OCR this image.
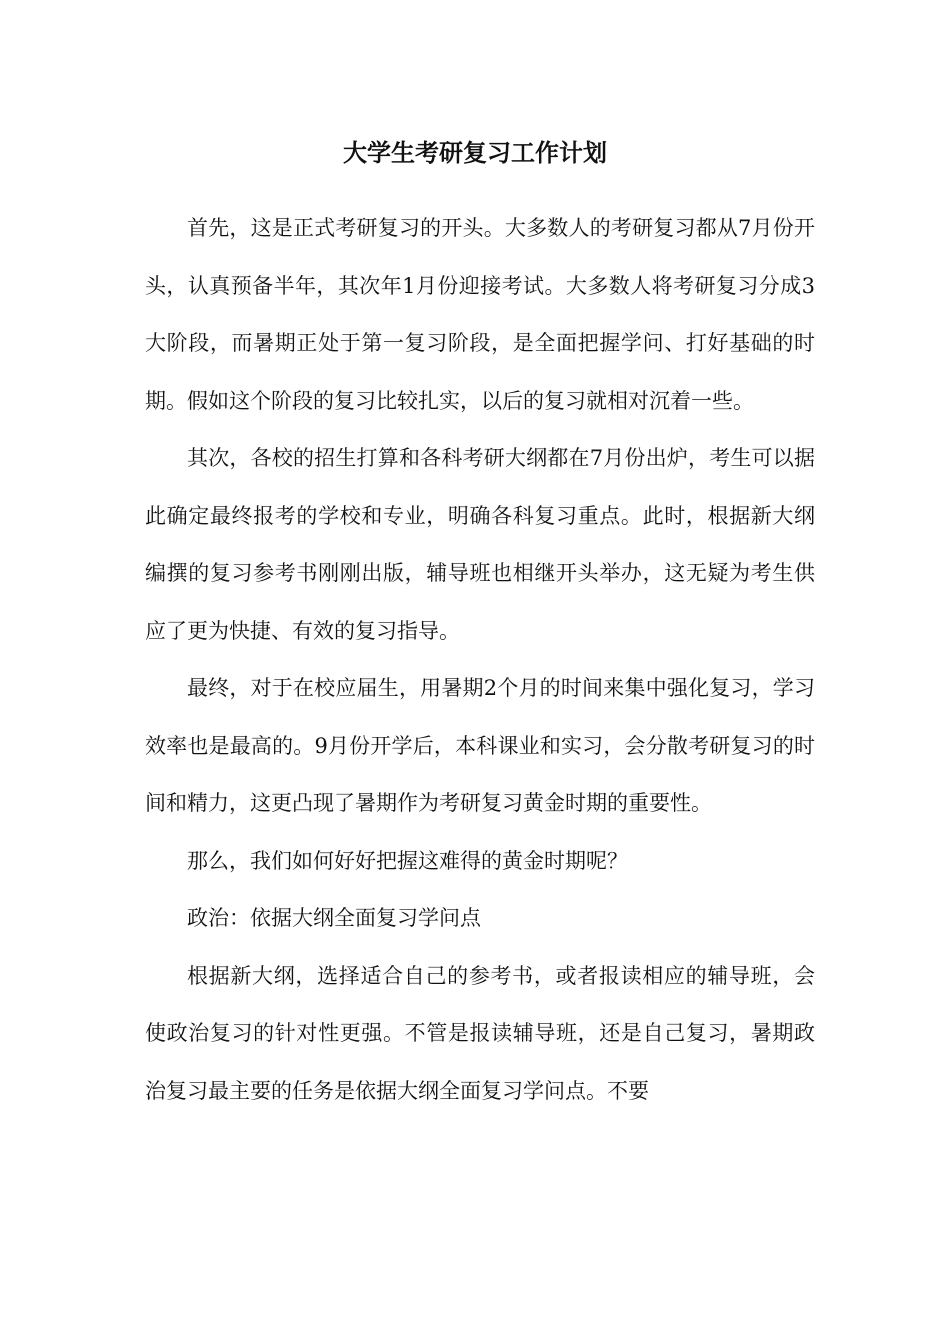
大学生考研复习工作计划

首先，这是正式考研复习的开头。大多数人的考研复习都从7月份开头，认真预备半年，其次年1月份迎接考试。大多数人将考研复习分成3大阶段，而暑期正处于第一复习阶段，是全面把握学问、打好基础的时期。假如这个阶段的复习比较扎实，以后的复习就相对沉着一些。

其次，各校的招生打算和各科考研大纲都在7月份出炉，考生可以据此确定最终报考的学校和专业，明确各科复习重点。此时，根据新大纲编撰的复习参考书刚刚出版，辅导班也相继开头举办，这无疑为考生供应了更为快捷、有效的复习指导。

最终，对于在校应届生，用暑期2个月的时间来集中强化复习，学习效率也是最高的。9月份开学后，本科课业和实习，会分散考研复习的时间和精力，这更凸现了暑期作为考研复习黄金时期的重要性。

那么，我们如何好好把握这难得的黄金时期呢？

政治：依据大纲全面复习学问点

根据新大纲，选择适合自己的参考书，或者报读相应的辅导班，会使政治复习的针对性更强。不管是报读辅导班，还是自己复习，暑期政治复习最主要的任务是依据大纲全面复习学问点。不要
